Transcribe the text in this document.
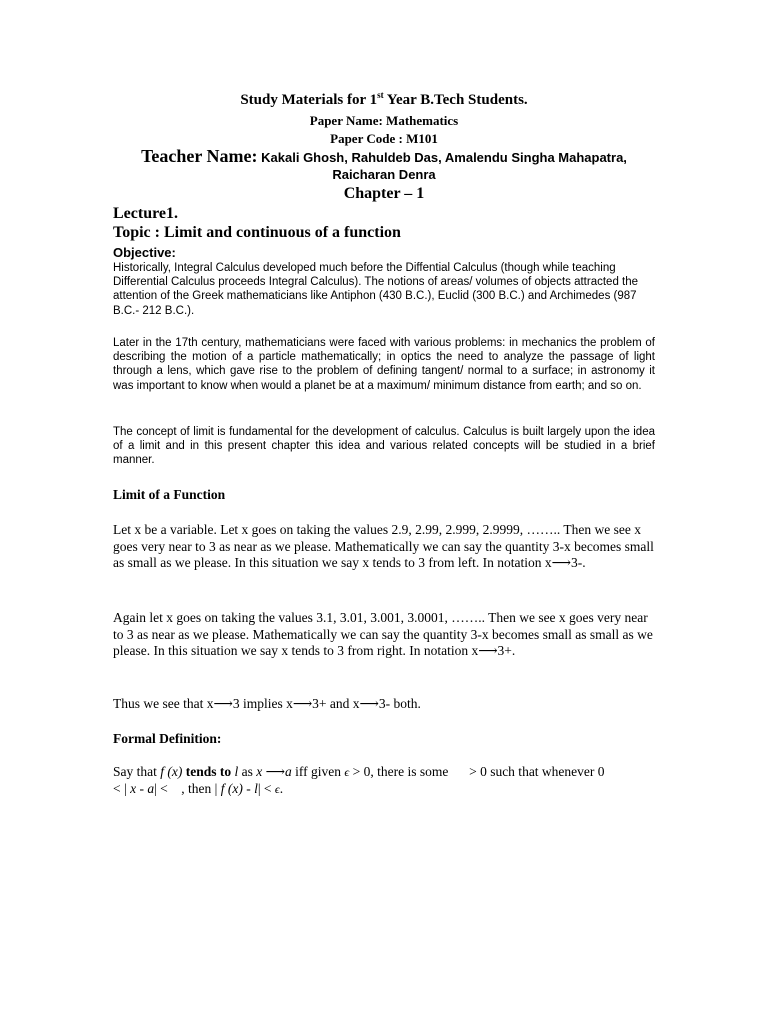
Study Materials for 1st Year B.Tech Students.
Paper Name: Mathematics
Paper Code : M101
Teacher Name: Kakali Ghosh, Rahuldeb Das, Amalendu Singha Mahapatra,
Raicharan Denra
Chapter – 1
Lecture1.
Topic : Limit and continuous of a function
Objective:

Historically, Integral Calculus developed much before the Diffential Calculus (though while teaching Differential Calculus proceeds Integral Calculus). The notions of areas/ volumes of objects attracted the attention of the Greek mathematicians like Antiphon (430 B.C.), Euclid (300 B.C.) and Archimedes (987 B.C.- 212 B.C.).

Later in the 17th century, mathematicians were faced with various problems: in mechanics the problem of describing the motion of a particle mathematically; in optics the need to analyze the passage of light through a lens, which gave rise to the problem of defining tangent/ normal to a surface; in astronomy it was important to know when would a planet be at a maximum/ minimum distance from earth; and so on.

The concept of limit is fundamental for the development of calculus. Calculus is built largely upon the idea of a limit and in this present chapter this idea and various related concepts will be studied in a brief manner.

Limit of a Function

Let x be a variable. Let x goes on taking the values 2.9, 2.99, 2.999, 2.9999, …….. Then we see x goes very near to 3 as near as we please. Mathematically we can say the quantity 3-x becomes small as small as we please. In this situation we say x tends to 3 from left. In notation x⟶3-.

Again let x goes on taking the values 3.1, 3.01, 3.001, 3.0001, …….. Then we see x goes very near to 3 as near as we please. Mathematically we can say the quantity 3-x becomes small as small as we please. In this situation we say x tends to 3 from right. In notation x⟶3+.

Thus we see that x⟶3 implies x⟶3+ and x⟶3- both.

Formal Definition:
Say that f (x) tends to l as x ⟶a iff given ϵ > 0, there is some  > 0 such that whenever 0
< | x - a| <    , then | f (x) - l| < ϵ.
